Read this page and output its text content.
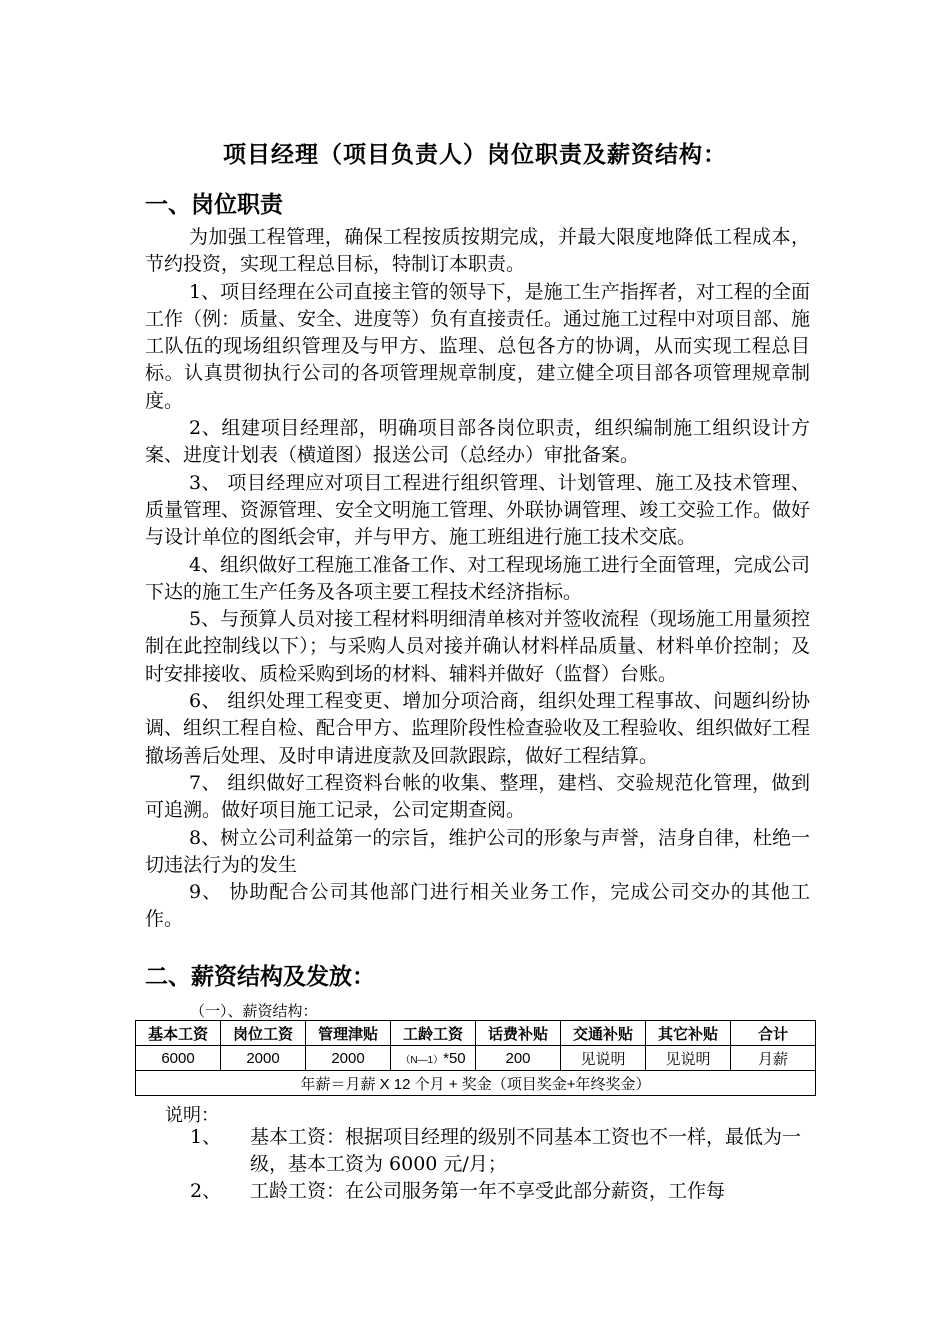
项目经理（项目负责人）岗位职责及薪资结构：
一、岗位职责

为加强工程管理，确保工程按质按期完成，并最大限度地降低工程成本，节约投资，实现工程总目标，特制订本职责。

1、项目经理在公司直接主管的领导下，是施工生产指挥者，对工程的全面工作（例：质量、安全、进度等）负有直接责任。通过施工过程中对项目部、施工队伍的现场组织管理及与甲方、监理、总包各方的协调，从而实现工程总目标。认真贯彻执行公司的各项管理规章制度，建立健全项目部各项管理规章制度。

2、组建项目经理部，明确项目部各岗位职责，组织编制施工组织设计方案、进度计划表（横道图）报送公司（总经办）审批备案。

3、 项目经理应对项目工程进行组织管理、计划管理、施工及技术管理、质量管理、资源管理、安全文明施工管理、外联协调管理、竣工交验工作。做好与设计单位的图纸会审，并与甲方、施工班组进行施工技术交底。

4、组织做好工程施工准备工作、对工程现场施工进行全面管理，完成公司下达的施工生产任务及各项主要工程技术经济指标。

5、与预算人员对接工程材料明细清单核对并签收流程（现场施工用量须控制在此控制线以下）；与采购人员对接并确认材料样品质量、材料单价控制；及时安排接收、质检采购到场的材料、辅料并做好（监督）台账。

6、 组织处理工程变更、增加分项洽商，组织处理工程事故、问题纠纷协调、组织工程自检、配合甲方、监理阶段性检查验收及工程验收、组织做好工程撤场善后处理、及时申请进度款及回款跟踪，做好工程结算。

7、 组织做好工程资料台帐的收集、整理，建档、交验规范化管理，做到可追溯。做好项目施工记录，公司定期查阅。

8、树立公司利益第一的宗旨，维护公司的形象与声誉，洁身自律，杜绝一切违法行为的发生

9、 协助配合公司其他部门进行相关业务工作，完成公司交办的其他工作。

二、薪资结构及发放：
（一）、薪资结构：
基本工资	岗位工资	管理津贴	工龄工资	话费补贴	交通补贴	其它补贴	合计
6000	2000	2000	（N—1）*50	200	见说明	见说明	月薪
年薪＝月薪 X 12 个月 + 奖金（项目奖金+年终奖金）							
说明：
1、 基本工资：根据项目经理的级别不同基本工资也不一样，最低为一级，基本工资为 6000 元/月；
2、 工龄工资：在公司服务第一年不享受此部分薪资，工作每
